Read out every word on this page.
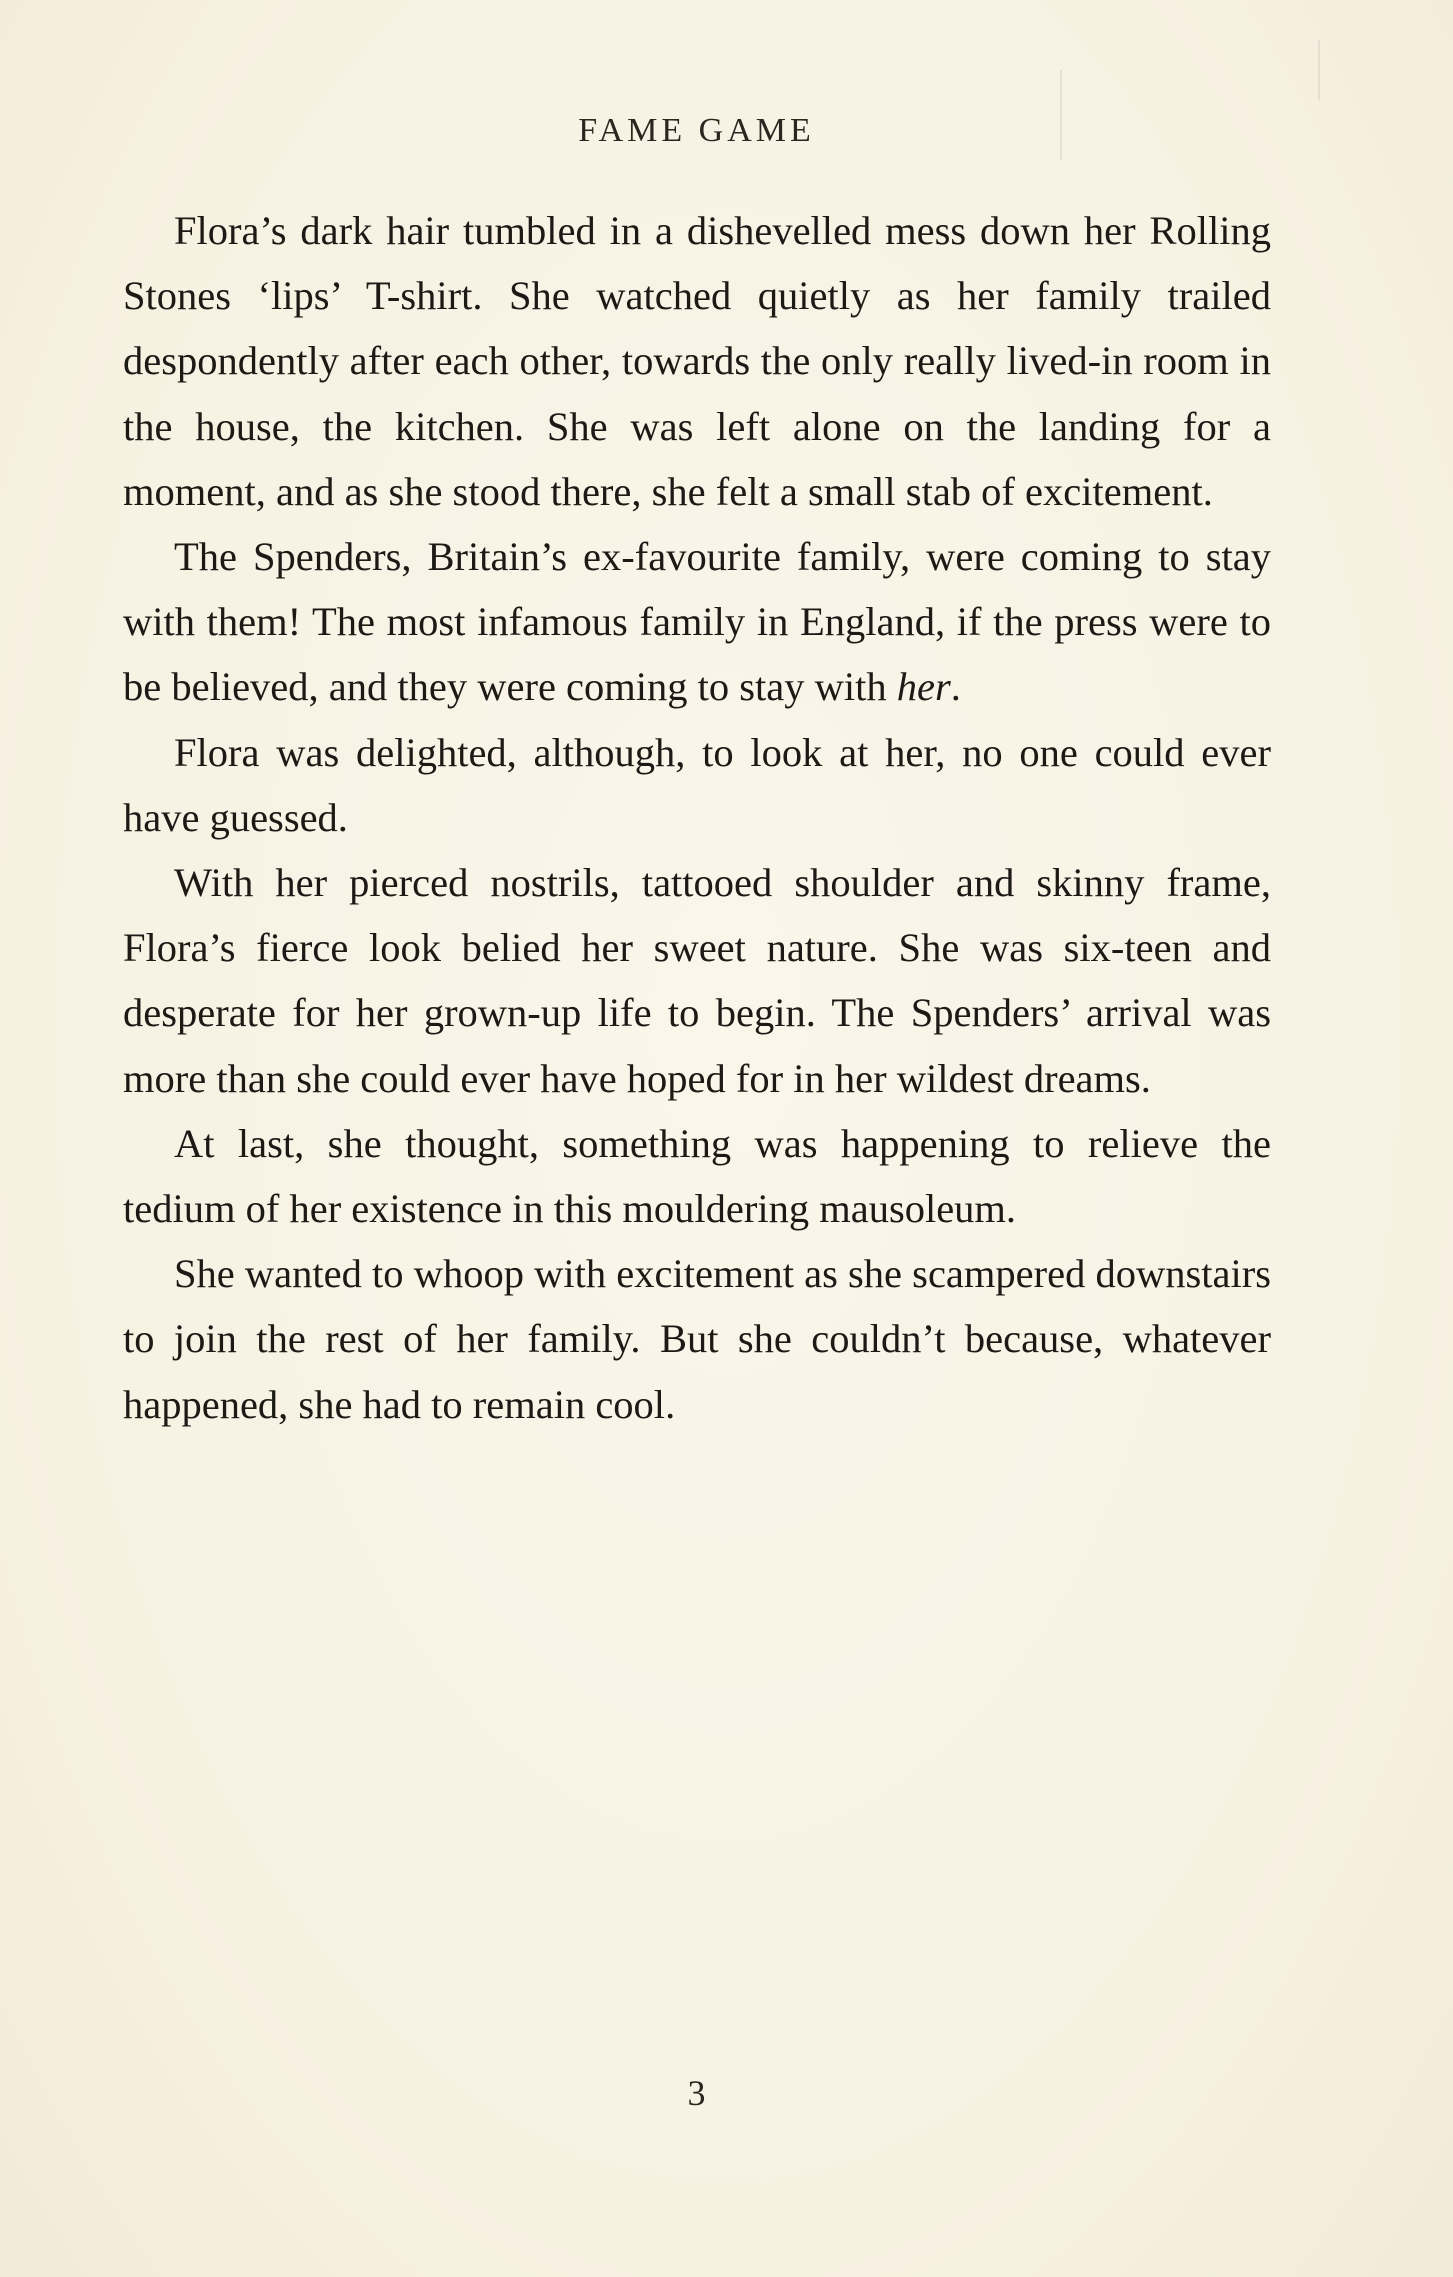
FAME GAME

Flora’s dark hair tumbled in a dishevelled mess down her Rolling Stones ‘lips’ T-shirt. She watched quietly as her family trailed despondently after each other, towards the only really lived-in room in the house, the kitchen. She was left alone on the landing for a moment, and as she stood there, she felt a small stab of excitement.

The Spenders, Britain’s ex-favourite family, were coming to stay with them! The most infamous family in England, if the press were to be believed, and they were coming to stay with her.

Flora was delighted, although, to look at her, no one could ever have guessed.

With her pierced nostrils, tattooed shoulder and skinny frame, Flora’s fierce look belied her sweet nature. She was six-teen and desperate for her grown-up life to begin. The Spenders’ arrival was more than she could ever have hoped for in her wildest dreams.

At last, she thought, something was happening to relieve the tedium of her existence in this mouldering mausoleum.

She wanted to whoop with excitement as she scampered downstairs to join the rest of her family. But she couldn’t because, whatever happened, she had to remain cool.

3
